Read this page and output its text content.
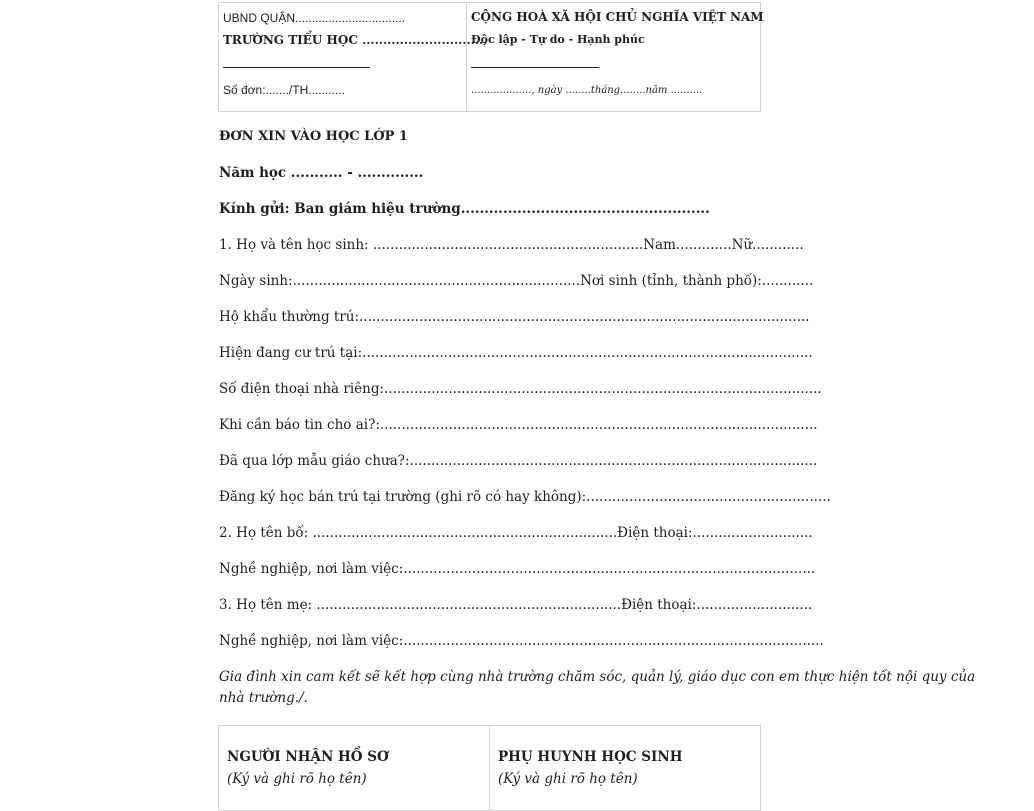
UBND QUẬN.................................
TRƯỜNG TIỂU HỌC ..............................
Số đơn:......./TH...........

CỘNG HOÀ XÃ HỘI CHỦ NGHĨA VIỆT NAM
Độc lập - Tự do - Hạnh phúc
..................., ngày ........tháng........năm ..........
ĐƠN XIN VÀO HỌC LỚP 1
Năm học ........... - ..............
Kính gửi: Ban giám hiệu trường.....................................................
1. Họ và tên học sinh: ...............................................................Nam.............Nữ............
Ngày sinh:...................................................................Nơi sinh (tỉnh, thành phố):............
Hộ khẩu thường trú:.........................................................................................................
Hiện đang cư trú tại:.........................................................................................................
Số điện thoại nhà riêng:......................................................................................................
Khi cần báo tin cho ai?:......................................................................................................
Đã qua lớp mẫu giáo chưa?:...............................................................................................
Đăng ký học bán trú tại trường (ghi rõ có hay không):.........................................................
2. Họ tên bố: .......................................................................Điện thoại:............................
Nghề nghiệp, nơi làm việc:................................................................................................
3. Họ tên mẹ: .......................................................................Điện thoại:...........................
Nghề nghiệp, nơi làm việc:..................................................................................................
Gia đình xin cam kết sẽ kết hợp cùng nhà trường chăm sóc, quản lý, giáo dục con em thực hiện tốt nội quy của nhà trường./.
NGƯỜI NHẬN HỒ SƠ
(Ký và ghi rõ họ tên)

PHỤ HUYNH HỌC SINH
(Ký và ghi rõ họ tên)
